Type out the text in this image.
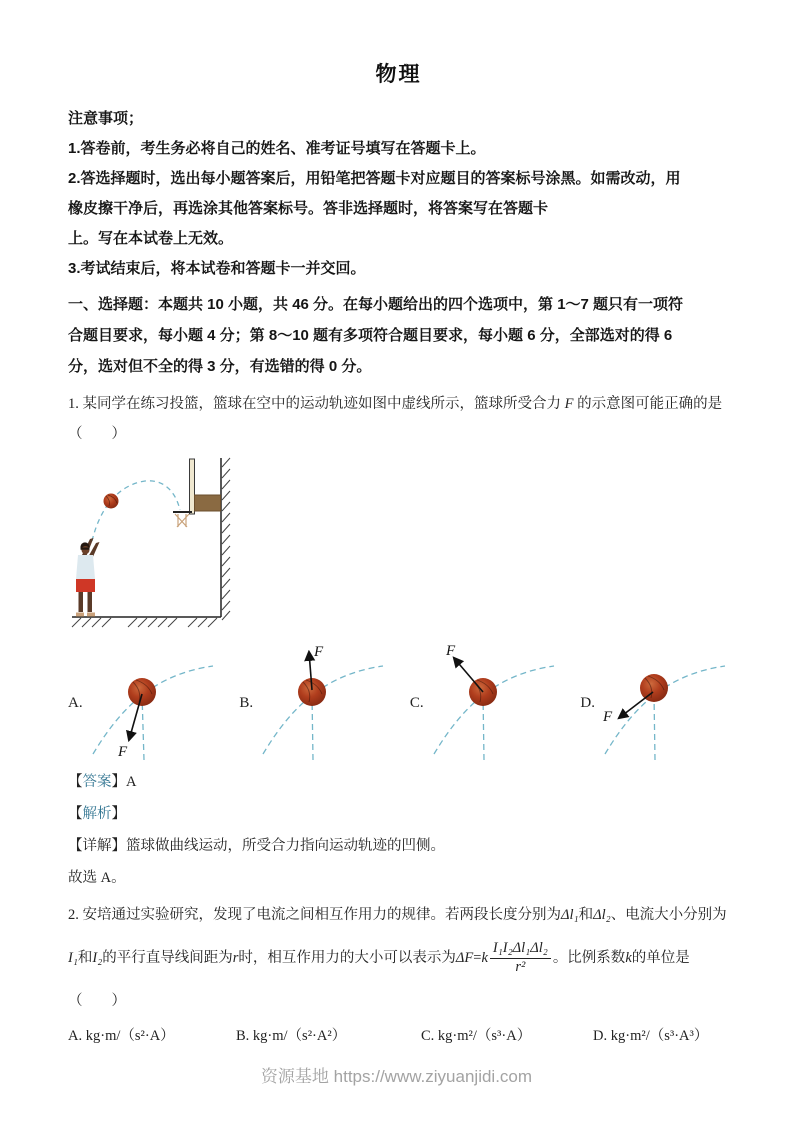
物理
注意事项；
1.答卷前，考生务必将自己的姓名、准考证号填写在答题卡上。
2.答选择题时，选出每小题答案后，用铅笔把答题卡对应题目的答案标号涂黑。如需改动，用
橡皮擦干净后，再选涂其他答案标号。答非选择题时，将答案写在答题卡
上。写在本试卷上无效。
3.考试结束后，将本试卷和答题卡一并交回。
一、选择题：本题共 10 小题，共 46 分。在每小题给出的四个选项中，第 1～7 题只有一项符
合题目要求，每小题 4 分；第 8～10 题有多项符合题目要求，每小题 6 分，全部选对的得 6
分，选对但不全的得 3 分，有选错的得 0 分。
1. 某同学在练习投篮，篮球在空中的运动轨迹如图中虚线所示，篮球所受合力 F 的示意图可能正确的是
（　　）
A.
F
B.
F
C.
F
D.
F
【答案】A
【解析】
【详解】篮球做曲线运动，所受合力指向运动轨迹的凹侧。
故选 A。
2. 安培通过实验研究，发现了电流之间相互作用力的规律。若两段长度分别为Δl₁和Δl₂、电流大小分别为
I₁ 和 I₂ 的平行直导线间距为 r 时，相互作用力的大小可以表示为 ΔF = k $\frac{\text{I₁I₂Δl₁Δl₂}}{\text{r²}}$ 。比例系数 k 的单位是
（　　）
A. kg·m/（s²·A）	B. kg·m/（s²·A²）	C. kg·m²/（s³·A）	D. kg·m²/（s³·A³）
资源基地 https://www.ziyuanjidi.com
